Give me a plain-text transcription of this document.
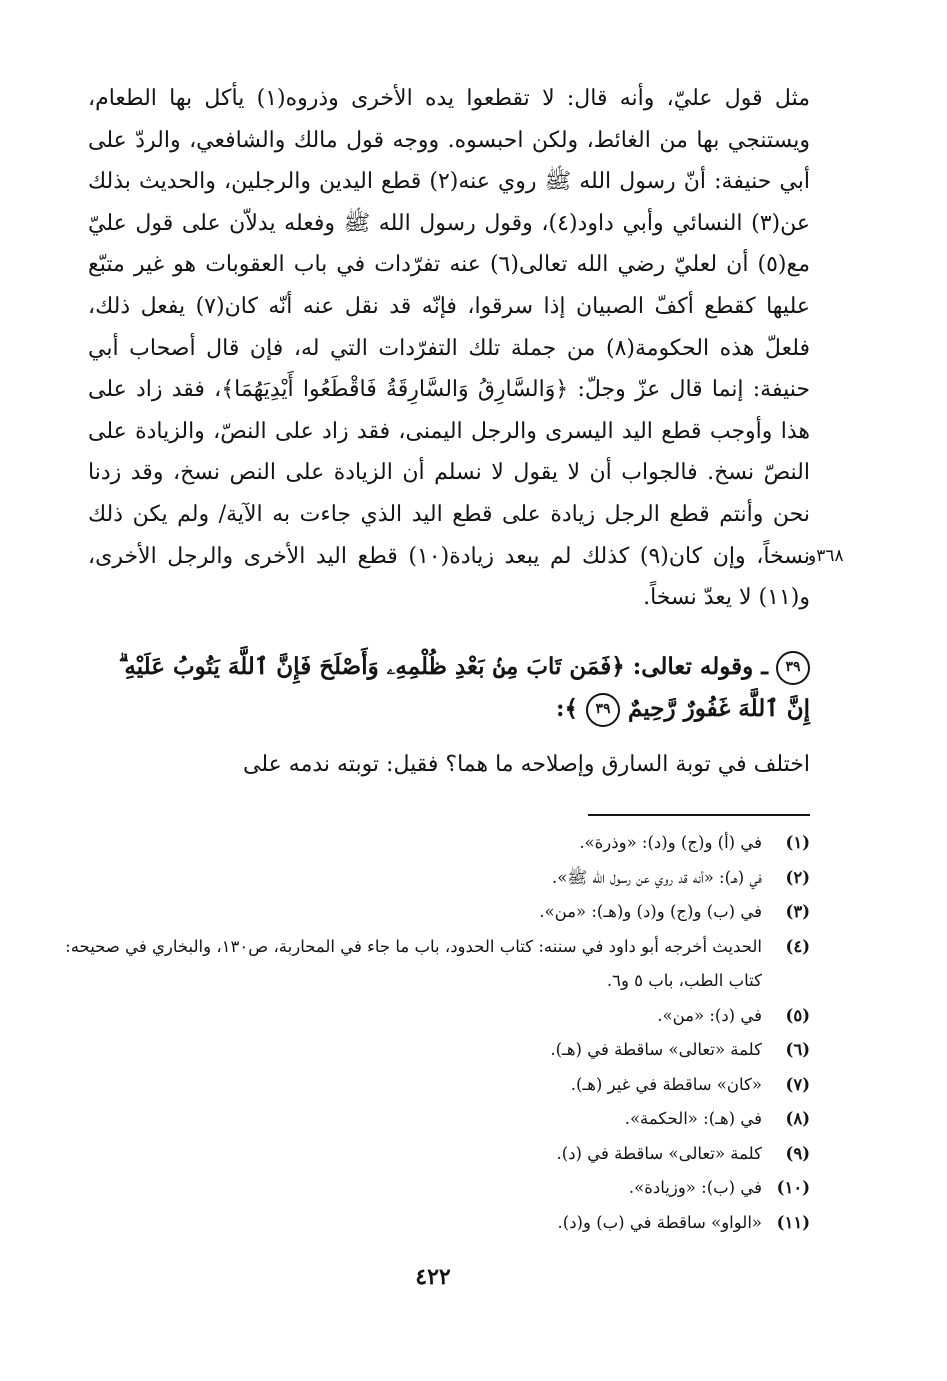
مثل قول عليّ، وأنه قال: لا تقطعوا يده الأخرى وذروه(١) يأكل بها الطعام، ويستنجي بها من الغائط، ولكن احبسوه. ووجه قول مالك والشافعي، والردّ على أبي حنيفة: أنّ رسول الله ﷺ روي عنه(٢) قطع اليدين والرجلين، والحديث بذلك عن(٣) النسائي وأبي داود(٤)، وقول رسول الله ﷺ وفعله يدلاّن على قول عليّ مع(٥) أن لعليّ رضي الله تعالى(٦) عنه تفرّدات في باب العقوبات هو غير متبّع عليها كقطع أكفّ الصبيان إذا سرقوا، فإنّه قد نقل عنه أنّه كان(٧) يفعل ذلك، فلعلّ هذه الحكومة(٨) من جملة تلك التفرّدات التي له، فإن قال أصحاب أبي حنيفة: إنما قال عزّ وجلّ: ﴿وَالسَّارِقُ وَالسَّارِقَةُ فَاقْطَعُوا أَيْدِيَهُمَا﴾، فقد زاد على هذا وأوجب قطع اليد اليسرى والرجل اليمنى، فقد زاد على النصّ، والزيادة على النصّ نسخ. فالجواب أن لا يقول لا نسلم أن الزيادة على النص نسخ، وقد زدنا نحن وأنتم قطع الرجل زيادة على قطع اليد الذي جاءت به الآية/ ولم يكن ذلك نسخاً، وإن كان(٩) كذلك لم يبعد زيادة(١٠) قطع اليد الأخرى والرجل الأخرى، و(١١) لا يعدّ نسخاً.

٣٦٨و
٣٩ ـ وقوله تعالى: ﴿فَمَن تَابَ مِنۢ بَعْدِ ظُلْمِهِۦ وَأَصْلَحَ فَإِنَّ ٱللَّهَ يَتُوبُ عَلَيْهِ ۗ إِنَّ ٱللَّهَ غَفُورٌ رَّحِيمٌ ٣٩ ﴾:
اختلف في توبة السارق وإصلاحه ما هما؟ فقيل: توبته ندمه على
(١)
في (أ) و(ج) و(د): «وذرة».
(٢)
في (هـ): «أنه قد روي عن رسول الله ﷺ».
(٣)
في (ب) و(ج) و(د) و(هـ): «من».
(٤)
الحديث أخرجه أبو داود في سننه: كتاب الحدود، باب ما جاء في المحاربة، ص١٣٠، والبخاري في صحيحه: كتاب الطب، باب ٥ و٦.
(٥)
في (د): «من».
(٦)
كلمة «تعالى» ساقطة في (هـ).
(٧)
«كان» ساقطة في غير (هـ).
(٨)
في (هـ): «الحكمة».
(٩)
كلمة «تعالى» ساقطة في (د).
(١٠)
في (ب): «وزيادة».
(١١)
«الواو» ساقطة في (ب) و(د).
٤٢٢
